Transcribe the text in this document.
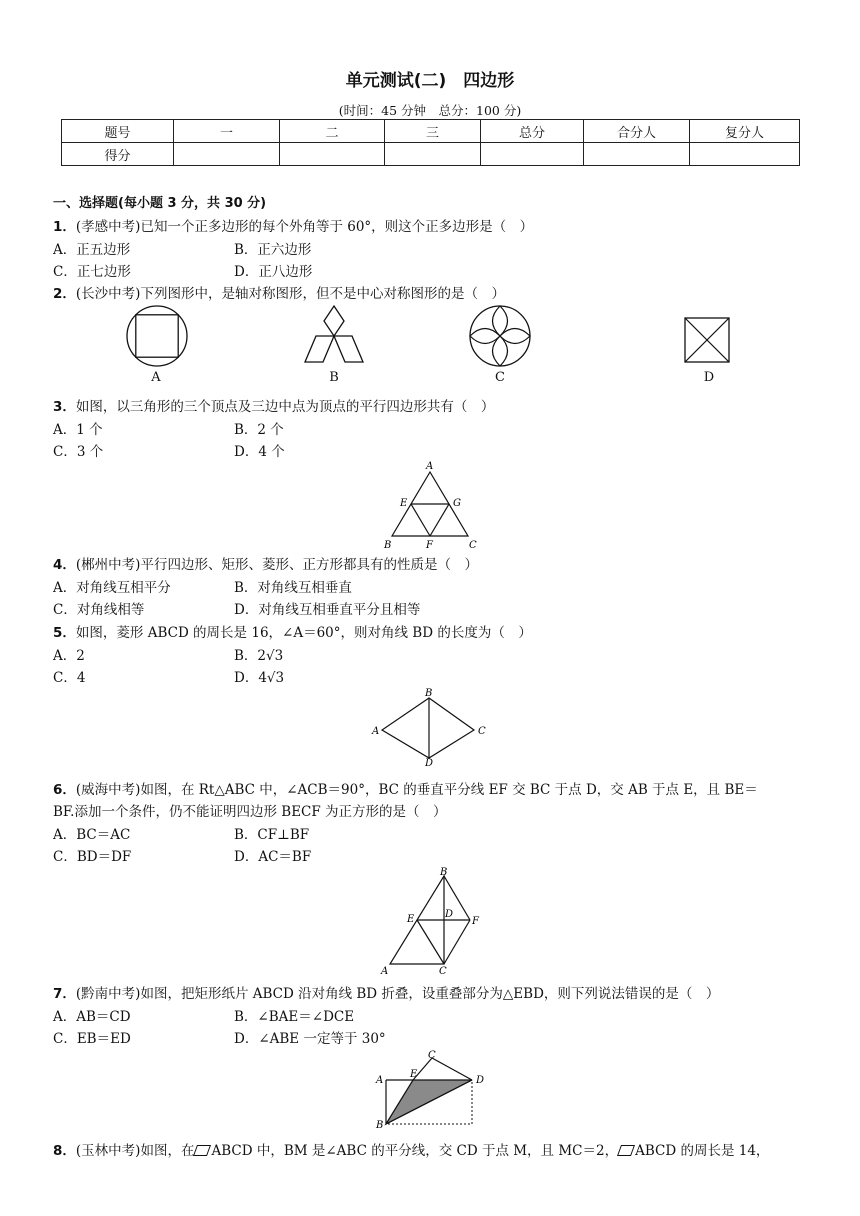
单元测试(二)　四边形
(时间：45 分钟　总分：100 分)
题号	一	二	三	总分	合分人	复分人
得分						
一、选择题(每小题 3 分，共 30 分)
1．(孝感中考)已知一个正多边形的每个外角等于 60°，则这个正多边形是（　）
A．正五边形	B．正六边形
C．正七边形	D．正八边形
2．(长沙中考)下列图形中，是轴对称图形，但不是中心对称图形的是（　）
A	B	C	D
3．如图，以三角形的三个顶点及三边中点为顶点的平行四边形共有（　）
A．1 个	B．2 个
C．3 个	D．4 个
A
E	G
B	F	C
4．(郴州中考)平行四边形、矩形、菱形、正方形都具有的性质是（　）
A．对角线互相平分	B．对角线互相垂直
C．对角线相等	D．对角线互相垂直平分且相等
5．如图，菱形 ABCD 的周长是 16，∠A＝60°，则对角线 BD 的长度为（　）
A．2	B．2√3
C．4	D．4√3
B
A	C
D
6．(威海中考)如图，在 Rt△ABC 中，∠ACB＝90°，BC 的垂直平分线 EF 交 BC 于点 D，交 AB 于点 E，且 BE＝
BF.添加一个条件，仍不能证明四边形 BECF 为正方形的是（　）
A．BC＝AC	B．CF⊥BF
C．BD＝DF	D．AC＝BF
B
E	D
F
A	C
7．(黔南中考)如图，把矩形纸片 ABCD 沿对角线 BD 折叠，设重叠部分为△EBD，则下列说法错误的是（　）
A．AB＝CD	B．∠BAE＝∠DCE
C．EB＝ED	D．∠ABE 一定等于 30°
C
A
E
D
B
8．(玉林中考)如图，在 ABCD 中，BM 是∠ABC 的平分线，交 CD 于点 M，且 MC＝2， ABCD 的周长是 14，
